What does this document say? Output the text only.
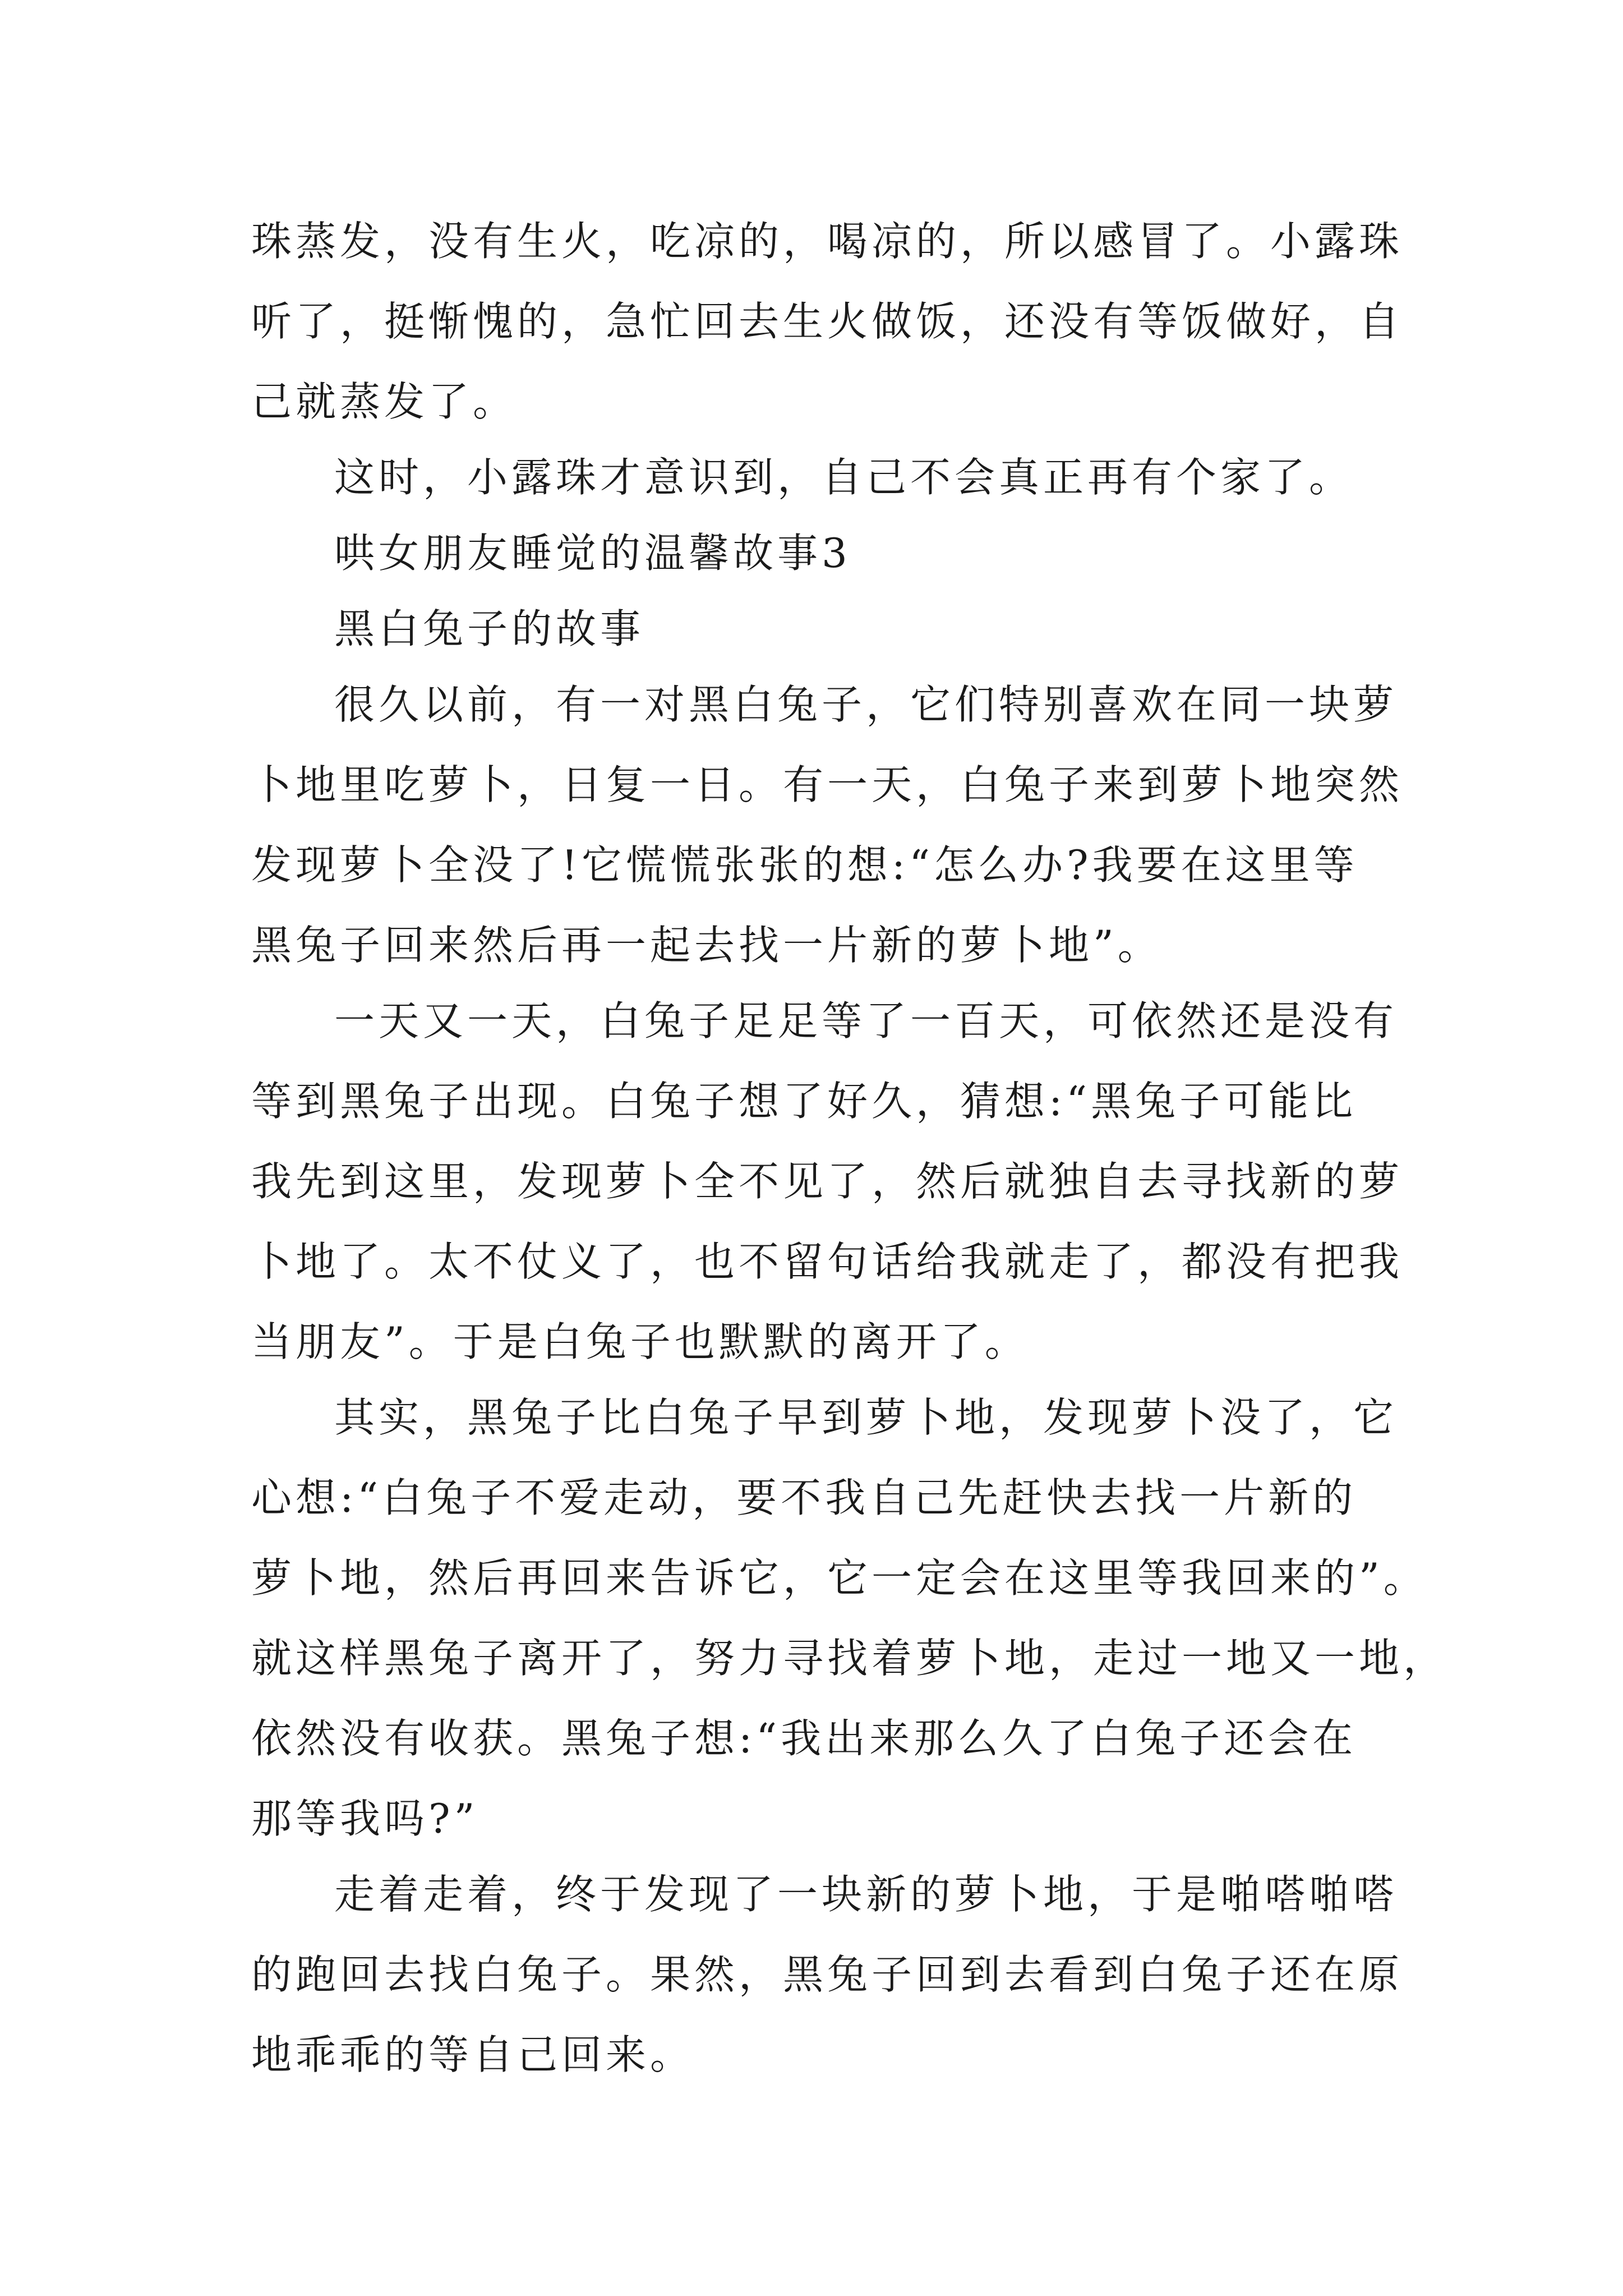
珠蒸发，没有生火，吃凉的，喝凉的，所以感冒了。小露珠

听了，挺惭愧的，急忙回去生火做饭，还没有等饭做好，自

己就蒸发了。

这时，小露珠才意识到，自己不会真正再有个家了。

哄女朋友睡觉的温馨故事3

黑白兔子的故事

很久以前，有一对黑白兔子，它们特别喜欢在同一块萝

卜地里吃萝卜，日复一日。有一天，白兔子来到萝卜地突然

发现萝卜全没了!它慌慌张张的想:“怎么办?我要在这里等

黑兔子回来然后再一起去找一片新的萝卜地”。

一天又一天，白兔子足足等了一百天，可依然还是没有

等到黑兔子出现。白兔子想了好久，猜想:“黑兔子可能比

我先到这里，发现萝卜全不见了，然后就独自去寻找新的萝

卜地了。太不仗义了，也不留句话给我就走了，都没有把我

当朋友”。于是白兔子也默默的离开了。

其实，黑兔子比白兔子早到萝卜地，发现萝卜没了，它

心想:“白兔子不爱走动，要不我自己先赶快去找一片新的

萝卜地，然后再回来告诉它，它一定会在这里等我回来的”。

就这样黑兔子离开了，努力寻找着萝卜地，走过一地又一地，

依然没有收获。黑兔子想:“我出来那么久了白兔子还会在

那等我吗?”

走着走着，终于发现了一块新的萝卜地，于是啪嗒啪嗒

的跑回去找白兔子。果然，黑兔子回到去看到白兔子还在原

地乖乖的等自己回来。
